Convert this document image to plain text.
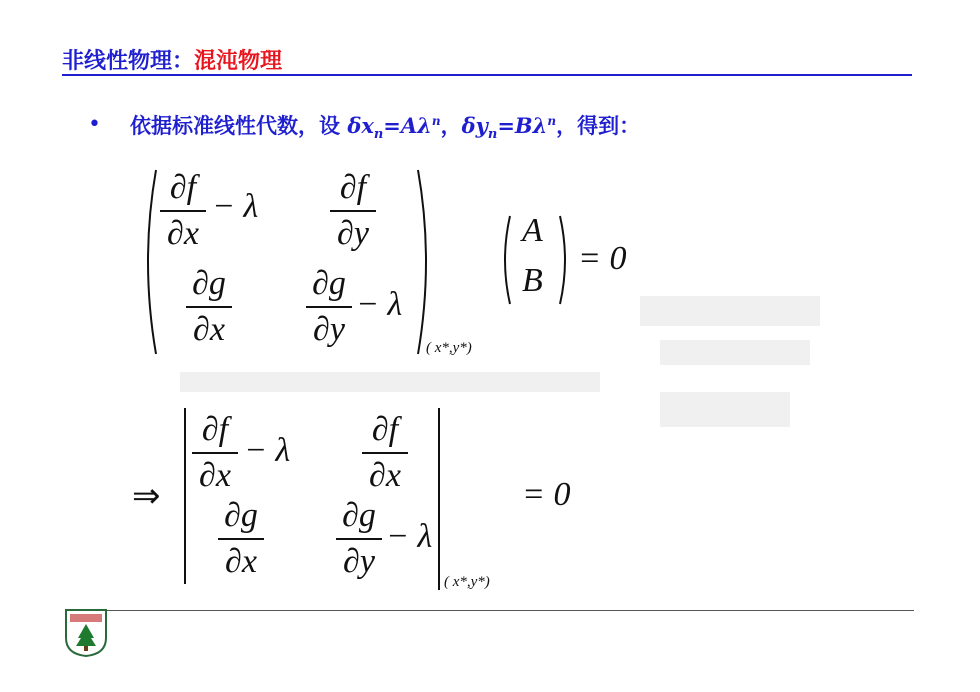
非线性物理：混沌物理
• 依据标准线性代数，设 $\delta x_n=A\lambda^n$，$\delta y_n=B\lambda^n$，得到：
∂f
∂x
− λ
∂f
∂y
∂g
∂x
∂g
∂y
− λ
( x*,y*)
A
B
= 0
⇒
∂f
∂x
− λ
∂f
∂x
∂g
∂x
∂g
∂y
− λ
( x*,y*)
= 0
